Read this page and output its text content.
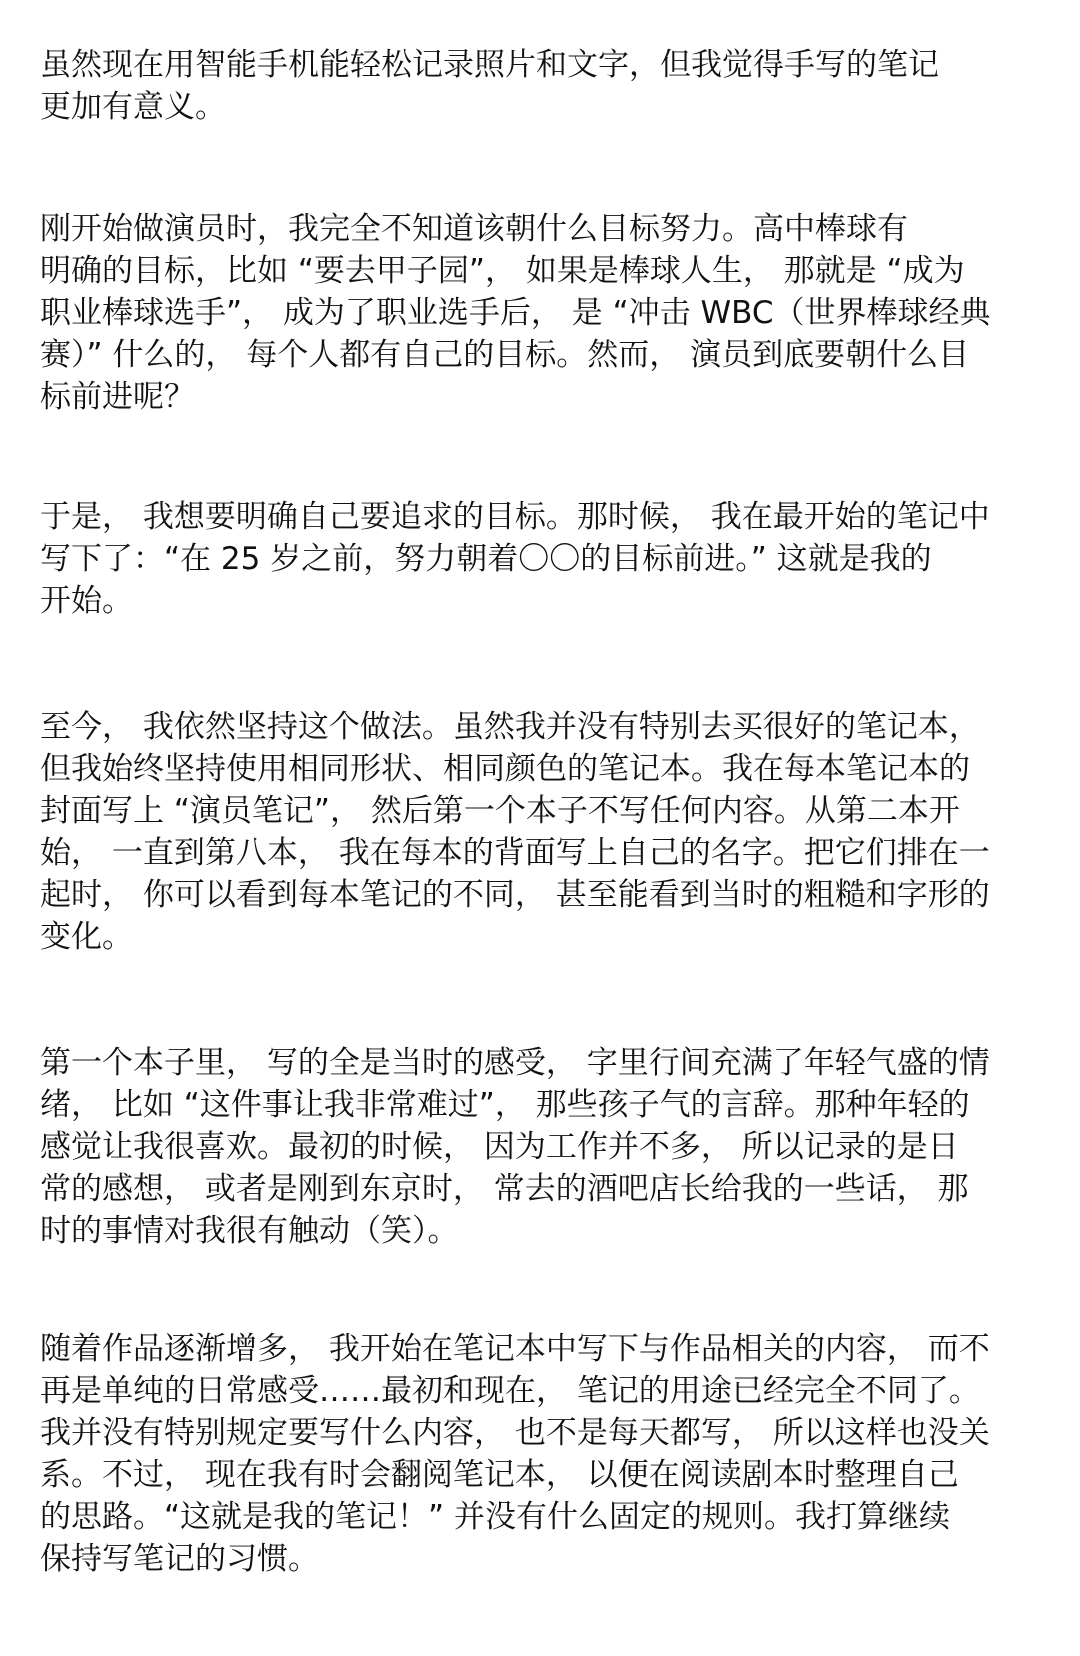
虽然现在用智能手机能轻松记录照片和文字，但我觉得手写的笔记
更加有意义。

刚开始做演员时，我完全不知道该朝什么目标努力。高中棒球有
明确的目标，比如 “要去甲子园”， 如果是棒球人生， 那就是 “成为
职业棒球选手”， 成为了职业选手后， 是 “冲击 WBC（世界棒球经典
赛）” 什么的， 每个人都有自己的目标。然而， 演员到底要朝什么目
标前进呢？

于是， 我想要明确自己要追求的目标。那时候， 我在最开始的笔记中
写下了：“在 25 岁之前，努力朝着〇〇的目标前进。” 这就是我的
开始。

至今， 我依然坚持这个做法。虽然我并没有特别去买很好的笔记本，
但我始终坚持使用相同形状、相同颜色的笔记本。我在每本笔记本的
封面写上 “演员笔记”， 然后第一个本子不写任何内容。从第二本开
始， 一直到第八本， 我在每本的背面写上自己的名字。把它们排在一
起时， 你可以看到每本笔记的不同， 甚至能看到当时的粗糙和字形的
变化。

第一个本子里， 写的全是当时的感受， 字里行间充满了年轻气盛的情
绪， 比如 “这件事让我非常难过”， 那些孩子气的言辞。那种年轻的
感觉让我很喜欢。最初的时候， 因为工作并不多， 所以记录的是日
常的感想， 或者是刚到东京时， 常去的酒吧店长给我的一些话， 那
时的事情对我很有触动（笑）。

随着作品逐渐增多， 我开始在笔记本中写下与作品相关的内容， 而不
再是单纯的日常感受……最初和现在， 笔记的用途已经完全不同了。
我并没有特别规定要写什么内容， 也不是每天都写， 所以这样也没关
系。不过， 现在我有时会翻阅笔记本， 以便在阅读剧本时整理自己
的思路。“这就是我的笔记！” 并没有什么固定的规则。我打算继续
保持写笔记的习惯。
